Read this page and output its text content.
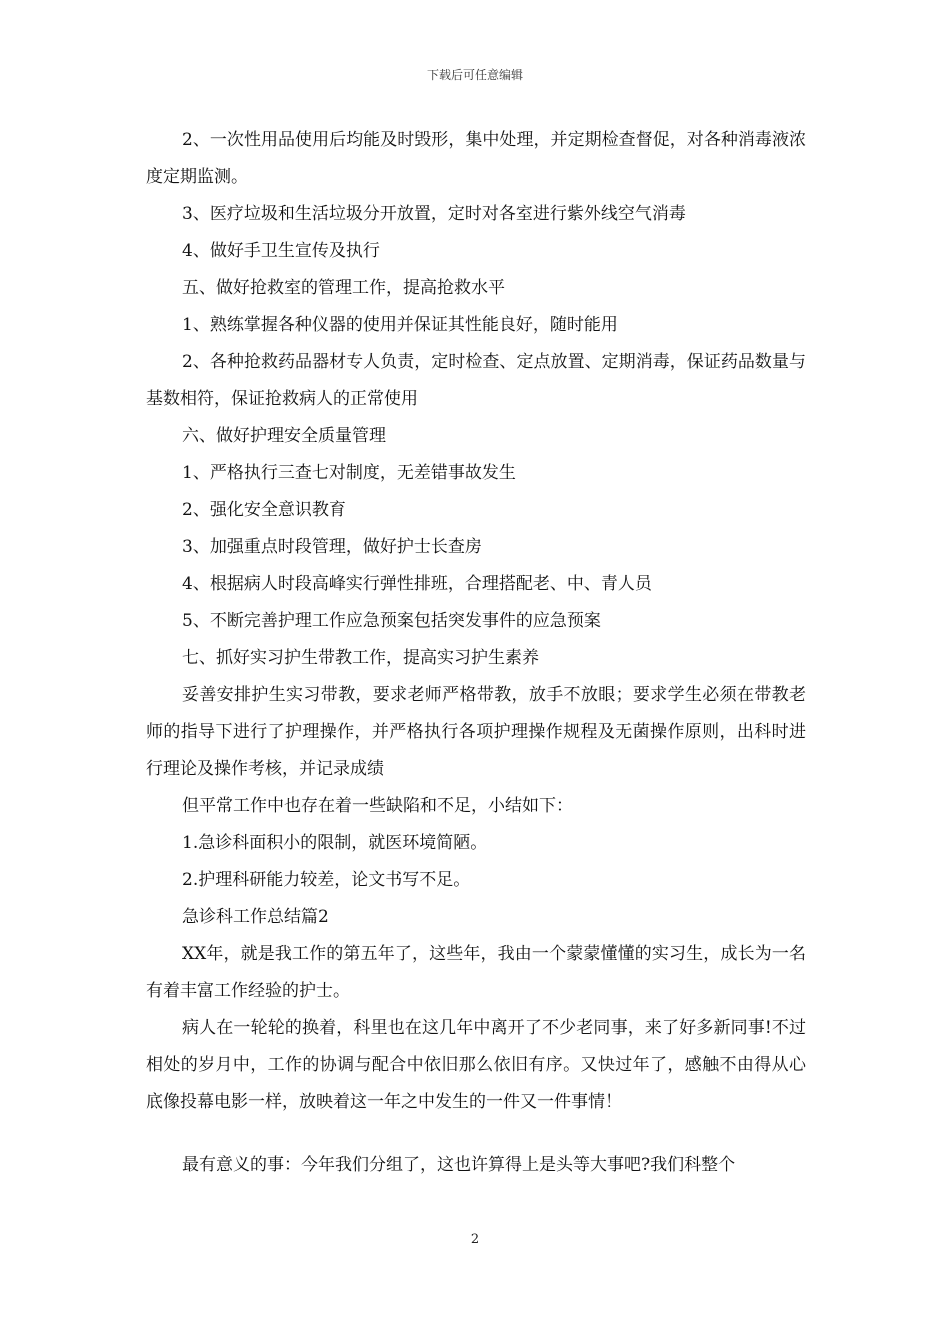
下载后可任意编辑

2、一次性用品使用后均能及时毁形，集中处理，并定期检查督促，对各种消毒液浓度定期监测。

3、医疗垃圾和生活垃圾分开放置，定时对各室进行紫外线空气消毒

4、做好手卫生宣传及执行

五、做好抢救室的管理工作，提高抢救水平

1、熟练掌握各种仪器的使用并保证其性能良好，随时能用

2、各种抢救药品器材专人负责，定时检查、定点放置、定期消毒，保证药品数量与基数相符，保证抢救病人的正常使用

六、做好护理安全质量管理

1、严格执行三查七对制度，无差错事故发生

2、强化安全意识教育

3、加强重点时段管理，做好护士长查房

4、根据病人时段高峰实行弹性排班，合理搭配老、中、青人员

5、不断完善护理工作应急预案包括突发事件的应急预案

七、抓好实习护生带教工作，提高实习护生素养

妥善安排护生实习带教，要求老师严格带教，放手不放眼；要求学生必须在带教老师的指导下进行了护理操作，并严格执行各项护理操作规程及无菌操作原则，出科时进行理论及操作考核，并记录成绩

但平常工作中也存在着一些缺陷和不足，小结如下：

1.急诊科面积小的限制，就医环境简陋。

2.护理科研能力较差，论文书写不足。

急诊科工作总结篇2

XX年，就是我工作的第五年了，这些年，我由一个蒙蒙懂懂的实习生，成长为一名有着丰富工作经验的护士。

病人在一轮轮的换着，科里也在这几年中离开了不少老同事，来了好多新同事!不过相处的岁月中，工作的协调与配合中依旧那么依旧有序。又快过年了，感触不由得从心底像投幕电影一样，放映着这一年之中发生的一件又一件事情！

最有意义的事：今年我们分组了，这也许算得上是头等大事吧?我们科整个

2
